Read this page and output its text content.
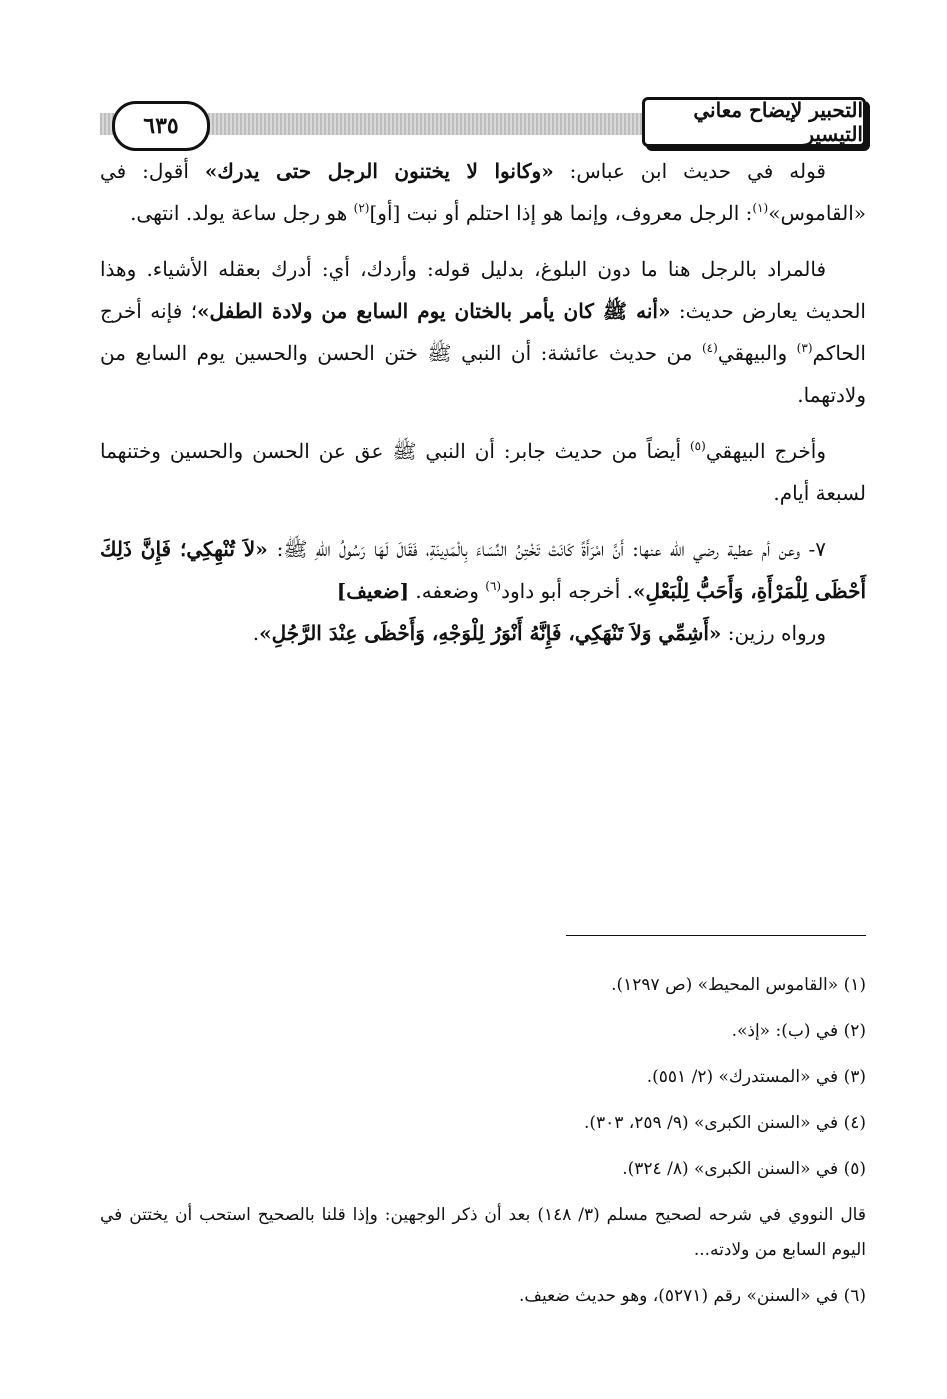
٦٣٥
التحبير لإيضاح معاني التيسير

قوله في حديث ابن عباس: «وكانوا لا يختنون الرجل حتى يدرك» أقول: في «القاموس»$^{(١)}$: الرجل معروف، وإنما هو إذا احتلم أو نبت [أو]$^{(٢)}$ هو رجل ساعة يولد. انتهى.

فالمراد بالرجل هنا ما دون البلوغ، بدليل قوله: وأردك، أي: أدرك بعقله الأشياء. وهذا الحديث يعارض حديث: «أنه ﷺ كان يأمر بالختان يوم السابع من ولادة الطفل»؛ فإنه أخرج الحاكم$^{(٣)}$ والبيهقي$^{(٤)}$ من حديث عائشة: أن النبي ﷺ ختن الحسن والحسين يوم السابع من ولادتهما.

وأخرج البيهقي$^{(٥)}$ أيضاً من حديث جابر: أن النبي ﷺ عق عن الحسن والحسين وختنهما لسبعة أيام.

٧- وعن أم عطية رضي الله عنها: أَنَّ امْرَأَةً كَانَتْ تَخْتِنُ النِّسَاءَ بِالْمَدِينَةِ، فَقَالَ لَهَا رَسُولُ اللهِ ﷺ: «لاَ تُنْهِكِي؛ فَإِنَّ ذَلِكَ أَحْظَى لِلْمَرْأَةِ، وَأَحَبُّ لِلْبَعْلِ». أخرجه أبو داود$^{(٦)}$ وضعفه. [ضعيف]

ورواه رزين: «أَشِمِّي وَلاَ تَنْهَكِي، فَإِنَّهُ أَنْوَرُ لِلْوَجْهِ، وَأَحْظَى عِنْدَ الرَّجُلِ».

(١) «القاموس المحيط» (ص ١٢٩٧).

(٢) في (ب): «إذ».

(٣) في «المستدرك» (٢/ ٥٥١).

(٤) في «السنن الكبرى» (٩/ ٢٥٩، ٣٠٣).

(٥) في «السنن الكبرى» (٨/ ٣٢٤).

قال النووي في شرحه لصحيح مسلم (٣/ ١٤٨) بعد أن ذكر الوجهين: وإذا قلنا بالصحيح استحب أن يختتن في اليوم السابع من ولادته...

(٦) في «السنن» رقم (٥٢٧١)، وهو حديث ضعيف.
